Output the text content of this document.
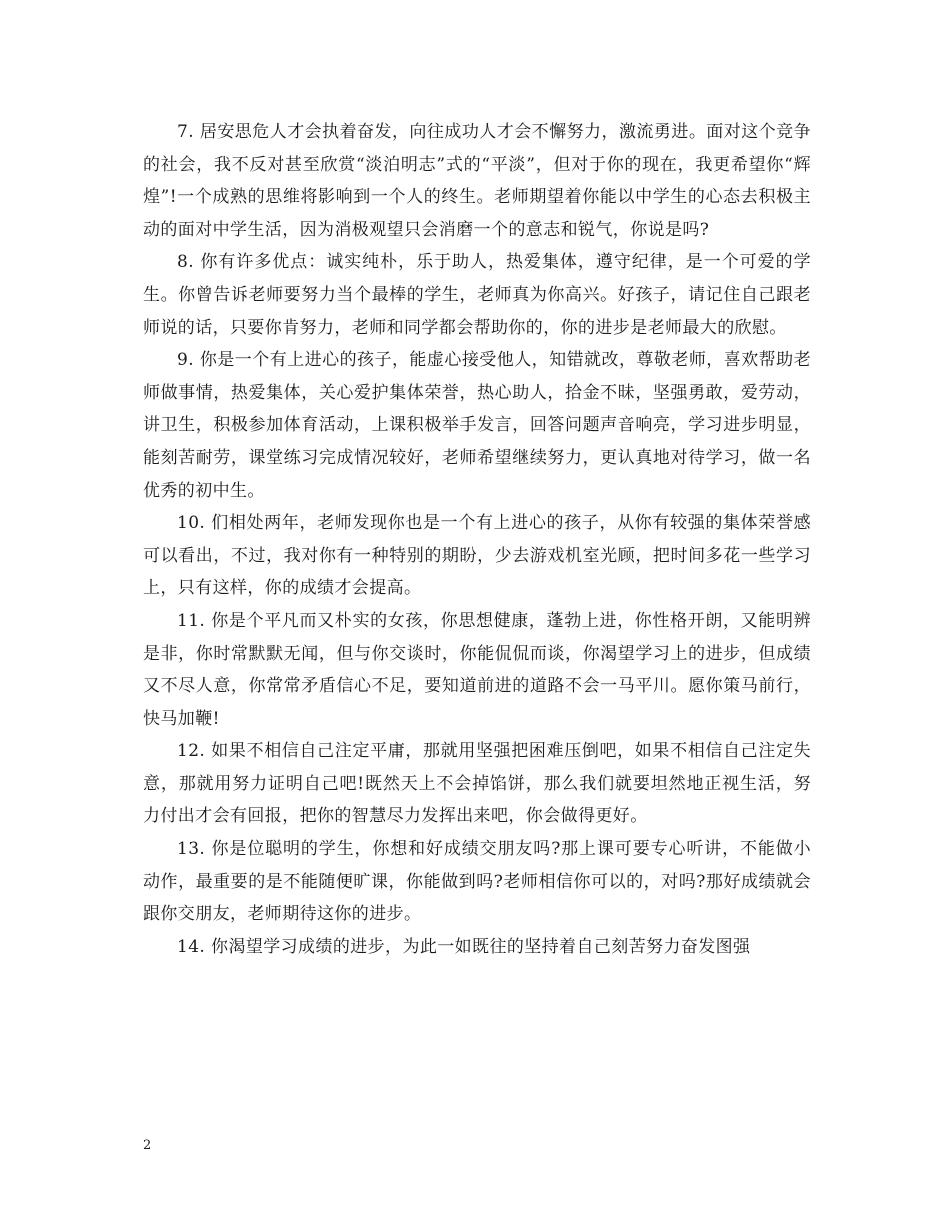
7. 居安思危人才会执着奋发，向往成功人才会不懈努力，激流勇进。面对这个竞争的社会，我不反对甚至欣赏“淡泊明志”式的“平淡”，但对于你的现在，我更希望你“辉煌”!一个成熟的思维将影响到一个人的终生。老师期望着你能以中学生的心态去积极主动的面对中学生活，因为消极观望只会消磨一个的意志和锐气，你说是吗?

8. 你有许多优点：诚实纯朴，乐于助人，热爱集体，遵守纪律，是一个可爱的学生。你曾告诉老师要努力当个最棒的学生，老师真为你高兴。好孩子，请记住自己跟老师说的话，只要你肯努力，老师和同学都会帮助你的，你的进步是老师最大的欣慰。

9. 你是一个有上进心的孩子，能虚心接受他人，知错就改，尊敬老师，喜欢帮助老师做事情，热爱集体，关心爱护集体荣誉，热心助人，拾金不昧，坚强勇敢，爱劳动，讲卫生，积极参加体育活动，上课积极举手发言，回答问题声音响亮，学习进步明显，能刻苦耐劳，课堂练习完成情况较好，老师希望继续努力，更认真地对待学习，做一名优秀的初中生。

10. 们相处两年，老师发现你也是一个有上进心的孩子，从你有较强的集体荣誉感可以看出，不过，我对你有一种特别的期盼，少去游戏机室光顾，把时间多花一些学习上，只有这样，你的成绩才会提高。

11. 你是个平凡而又朴实的女孩，你思想健康，蓬勃上进，你性格开朗，又能明辨是非，你时常默默无闻，但与你交谈时，你能侃侃而谈，你渴望学习上的进步，但成绩又不尽人意，你常常矛盾信心不足，要知道前进的道路不会一马平川。愿你策马前行，快马加鞭!

12. 如果不相信自己注定平庸，那就用坚强把困难压倒吧，如果不相信自己注定失意，那就用努力证明自己吧!既然天上不会掉馅饼，那么我们就要坦然地正视生活，努力付出才会有回报，把你的智慧尽力发挥出来吧，你会做得更好。

13. 你是位聪明的学生，你想和好成绩交朋友吗?那上课可要专心听讲，不能做小动作，最重要的是不能随便旷课，你能做到吗?老师相信你可以的，对吗?那好成绩就会跟你交朋友，老师期待这你的进步。

14. 你渴望学习成绩的进步，为此一如既往的坚持着自己刻苦努力奋发图强

2
